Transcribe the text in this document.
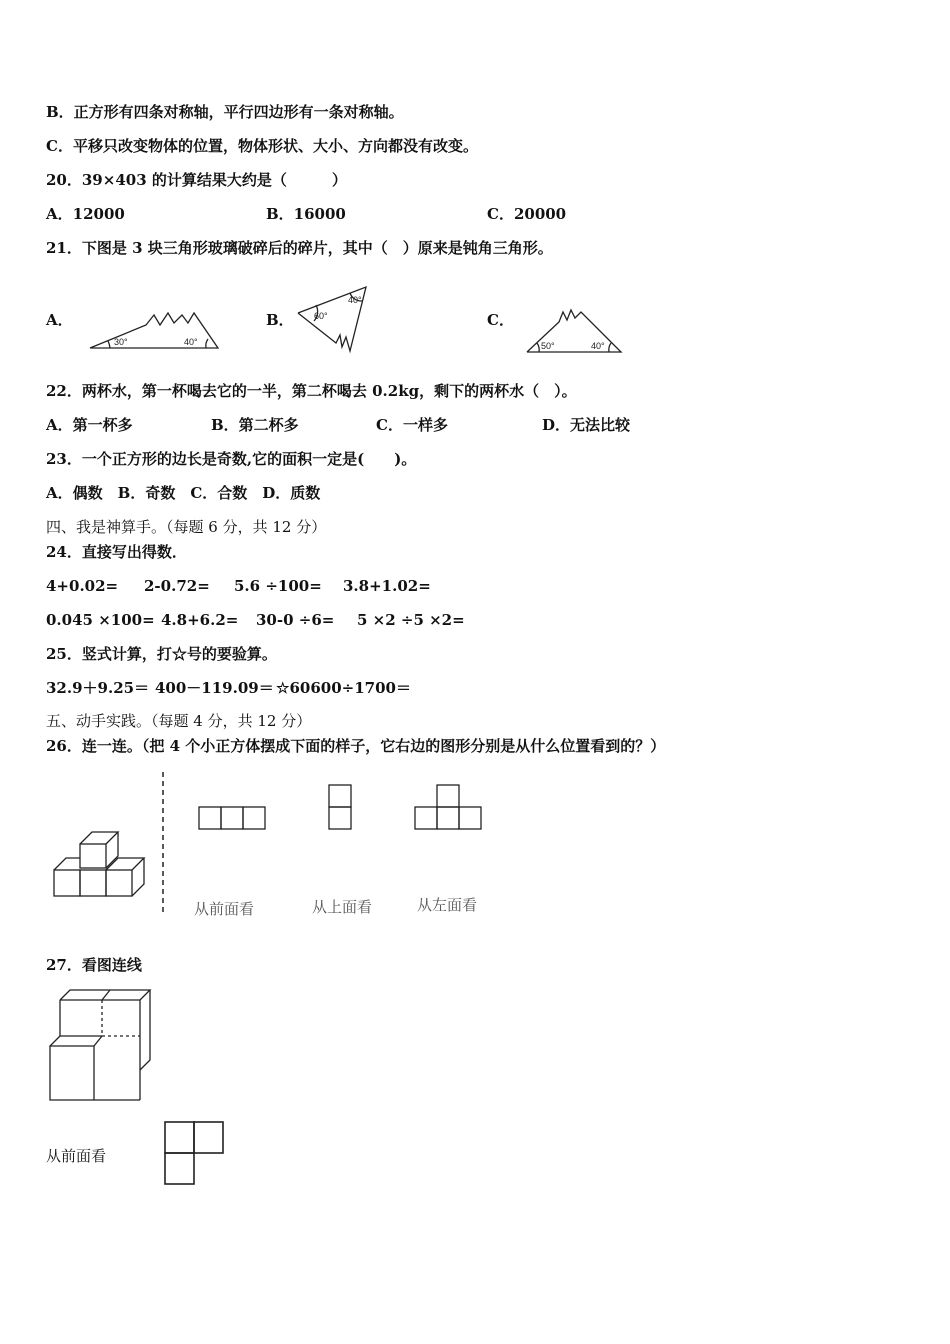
B．正方形有四条对称轴，平行四边形有一条对称轴。
C．平移只改变物体的位置，物体形状、大小、方向都没有改变。
20．39×403 的计算结果大约是（　　　）
A．12000	B．16000	C．20000
21．下图是 3 块三角形玻璃破碎后的碎片，其中（　）原来是钝角三角形。
A．	B．	C．
30°	40°
60°
40°
50°	40°
22．两杯水，第一杯喝去它的一半，第二杯喝去 0.2kg，剩下的两杯水（　）。
A．第一杯多	B．第二杯多	C．一样多	D．无法比较
23．一个正方形的边长是奇数,它的面积一定是(　　)。
A．偶数　B．奇数　C．合数　D．质数
四、我是神算手。（每题 6 分，共 12 分）
24．直接写出得数．
4+0.02= 2-0.72= 5.6 ÷100= 3.8+1.02=
0.045 ×100= 4.8+6.2= 30-0 ÷6= 5 ×2 ÷5 ×2=
25．竖式计算，打☆号的要验算。
32.9＋9.25＝ 400－119.09＝ ☆60600÷1700＝
五、动手实践。（每题 4 分，共 12 分）
26．连一连。（把 4 个小正方体摆成下面的样子，它右边的图形分别是从什么位置看到的？）
从前面看	从上面看	从左面看
27．看图连线
从前面看
